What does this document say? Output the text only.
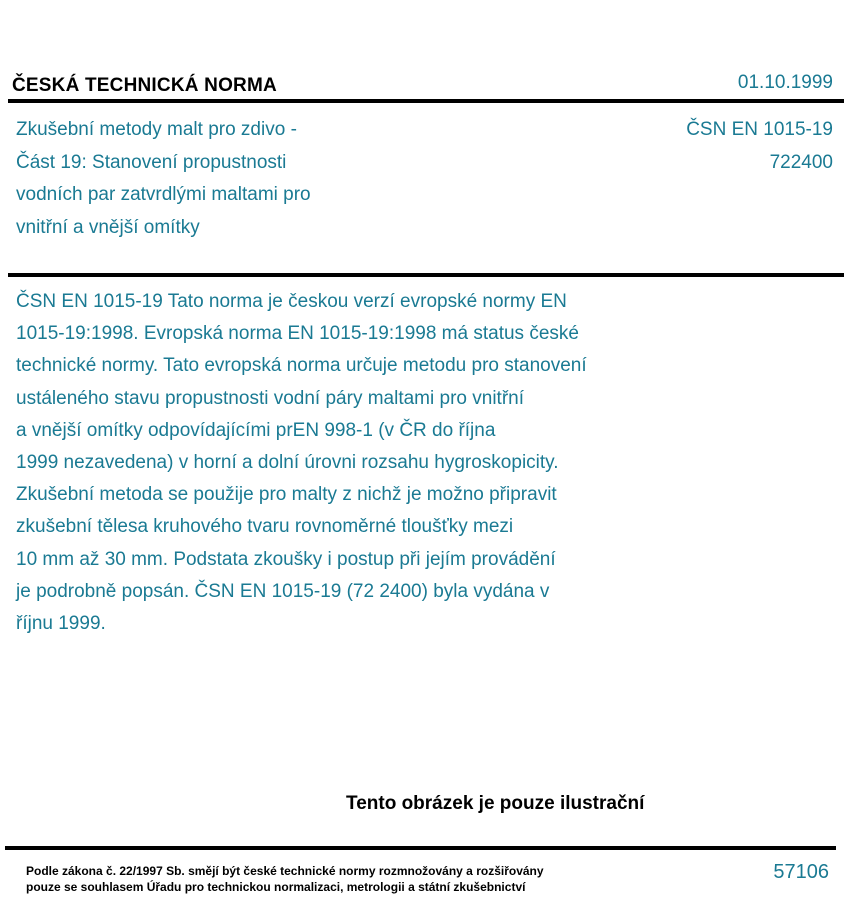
ČESKÁ TECHNICKÁ NORMA	01.10.1999
Zkušební metody malt pro zdivo -
Část 19: Stanovení propustnosti
vodních par zatvrdlými maltami pro
vnitřní a vnější omítky
ČSN EN 1015-19
722400
ČSN EN 1015-19 Tato norma je českou verzí evropské normy EN
1015-19:1998. Evropská norma EN 1015-19:1998 má status české
technické normy. Tato evropská norma určuje metodu pro stanovení
ustáleného stavu propustnosti vodní páry maltami pro vnitřní
a vnější omítky odpovídajícími prEN 998-1 (v ČR do října
1999 nezavedena) v horní a dolní úrovni rozsahu hygroskopicity.
Zkušební metoda se použije pro malty z nichž je možno připravit
zkušební tělesa kruhového tvaru rovnoměrné tloušťky mezi
10 mm až 30 mm. Podstata zkoušky i postup při jejím provádění
je podrobně popsán. ČSN EN 1015-19 (72 2400) byla vydána v
říjnu 1999.
Tento obrázek je pouze ilustrační
Podle zákona č. 22/1997 Sb. smějí být české technické normy rozmnožovány a rozšiřovány
pouze se souhlasem Úřadu pro technickou normalizaci, metrologii a státní zkušebnictví
57106
